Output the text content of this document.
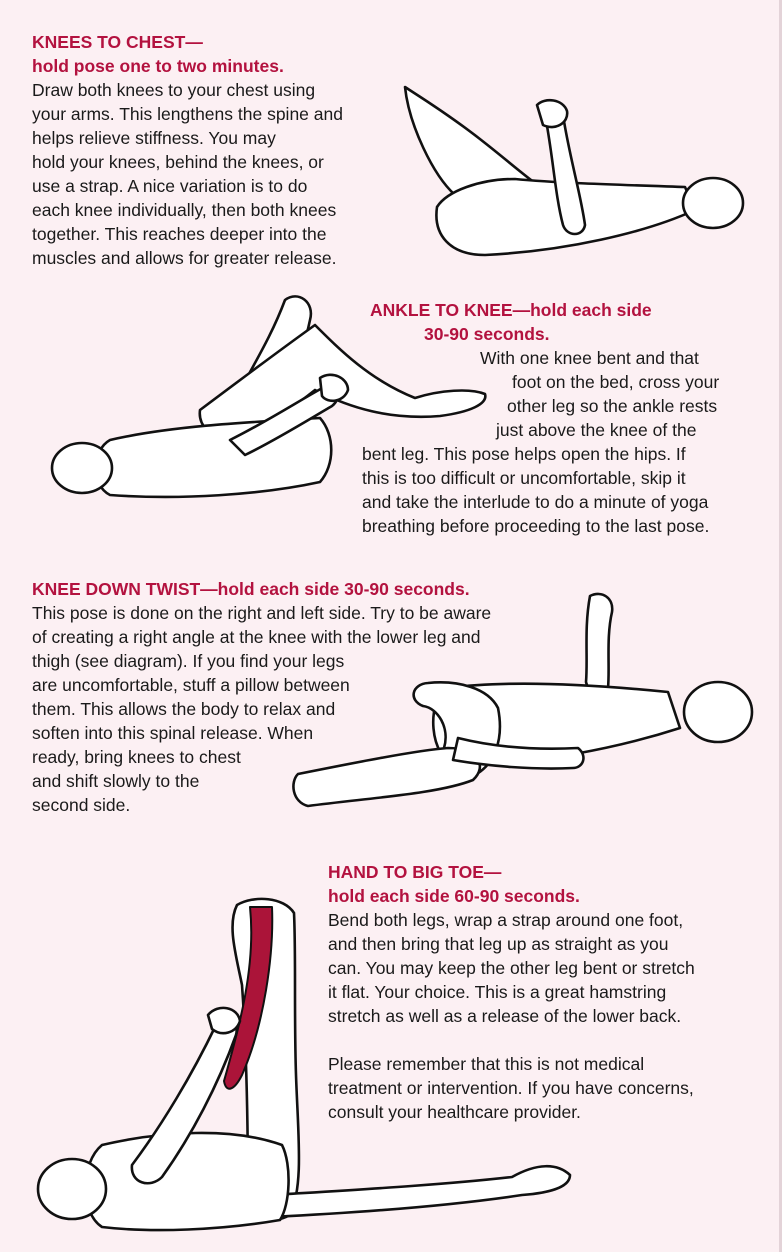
KNEES TO CHEST—
hold pose one to two minutes.
Draw both knees to your chest using
your arms. This lengthens the spine and
helps relieve stiffness. You may
hold your knees, behind the knees, or
use a strap. A nice variation is to do
each knee individually, then both knees
together. This reaches deeper into the
muscles and allows for greater release.
ANKLE TO KNEE—hold each side
30-90 seconds.
With one knee bent and that
foot on the bed, cross your
other leg so the ankle rests
just above the knee of the
bent leg. This pose helps open the hips. If
this is too difficult or uncomfortable, skip it
and take the interlude to do a minute of yoga
breathing before proceeding to the last pose.
KNEE DOWN TWIST—hold each side 30-90 seconds.
This pose is done on the right and left side. Try to be aware
of creating a right angle at the knee with the lower leg and
thigh (see diagram). If you find your legs
are uncomfortable, stuff a pillow between
them. This allows the body to relax and
soften into this spinal release. When
ready, bring knees to chest
and shift slowly to the
second side.
HAND TO BIG TOE—
hold each side 60-90 seconds.
Bend both legs, wrap a strap around one foot,
and then bring that leg up as straight as you
can. You may keep the other leg bent or stretch
it flat. Your choice. This is a great hamstring
stretch as well as a release of the lower back.
Please remember that this is not medical
treatment or intervention. If you have concerns,
consult your healthcare provider.
